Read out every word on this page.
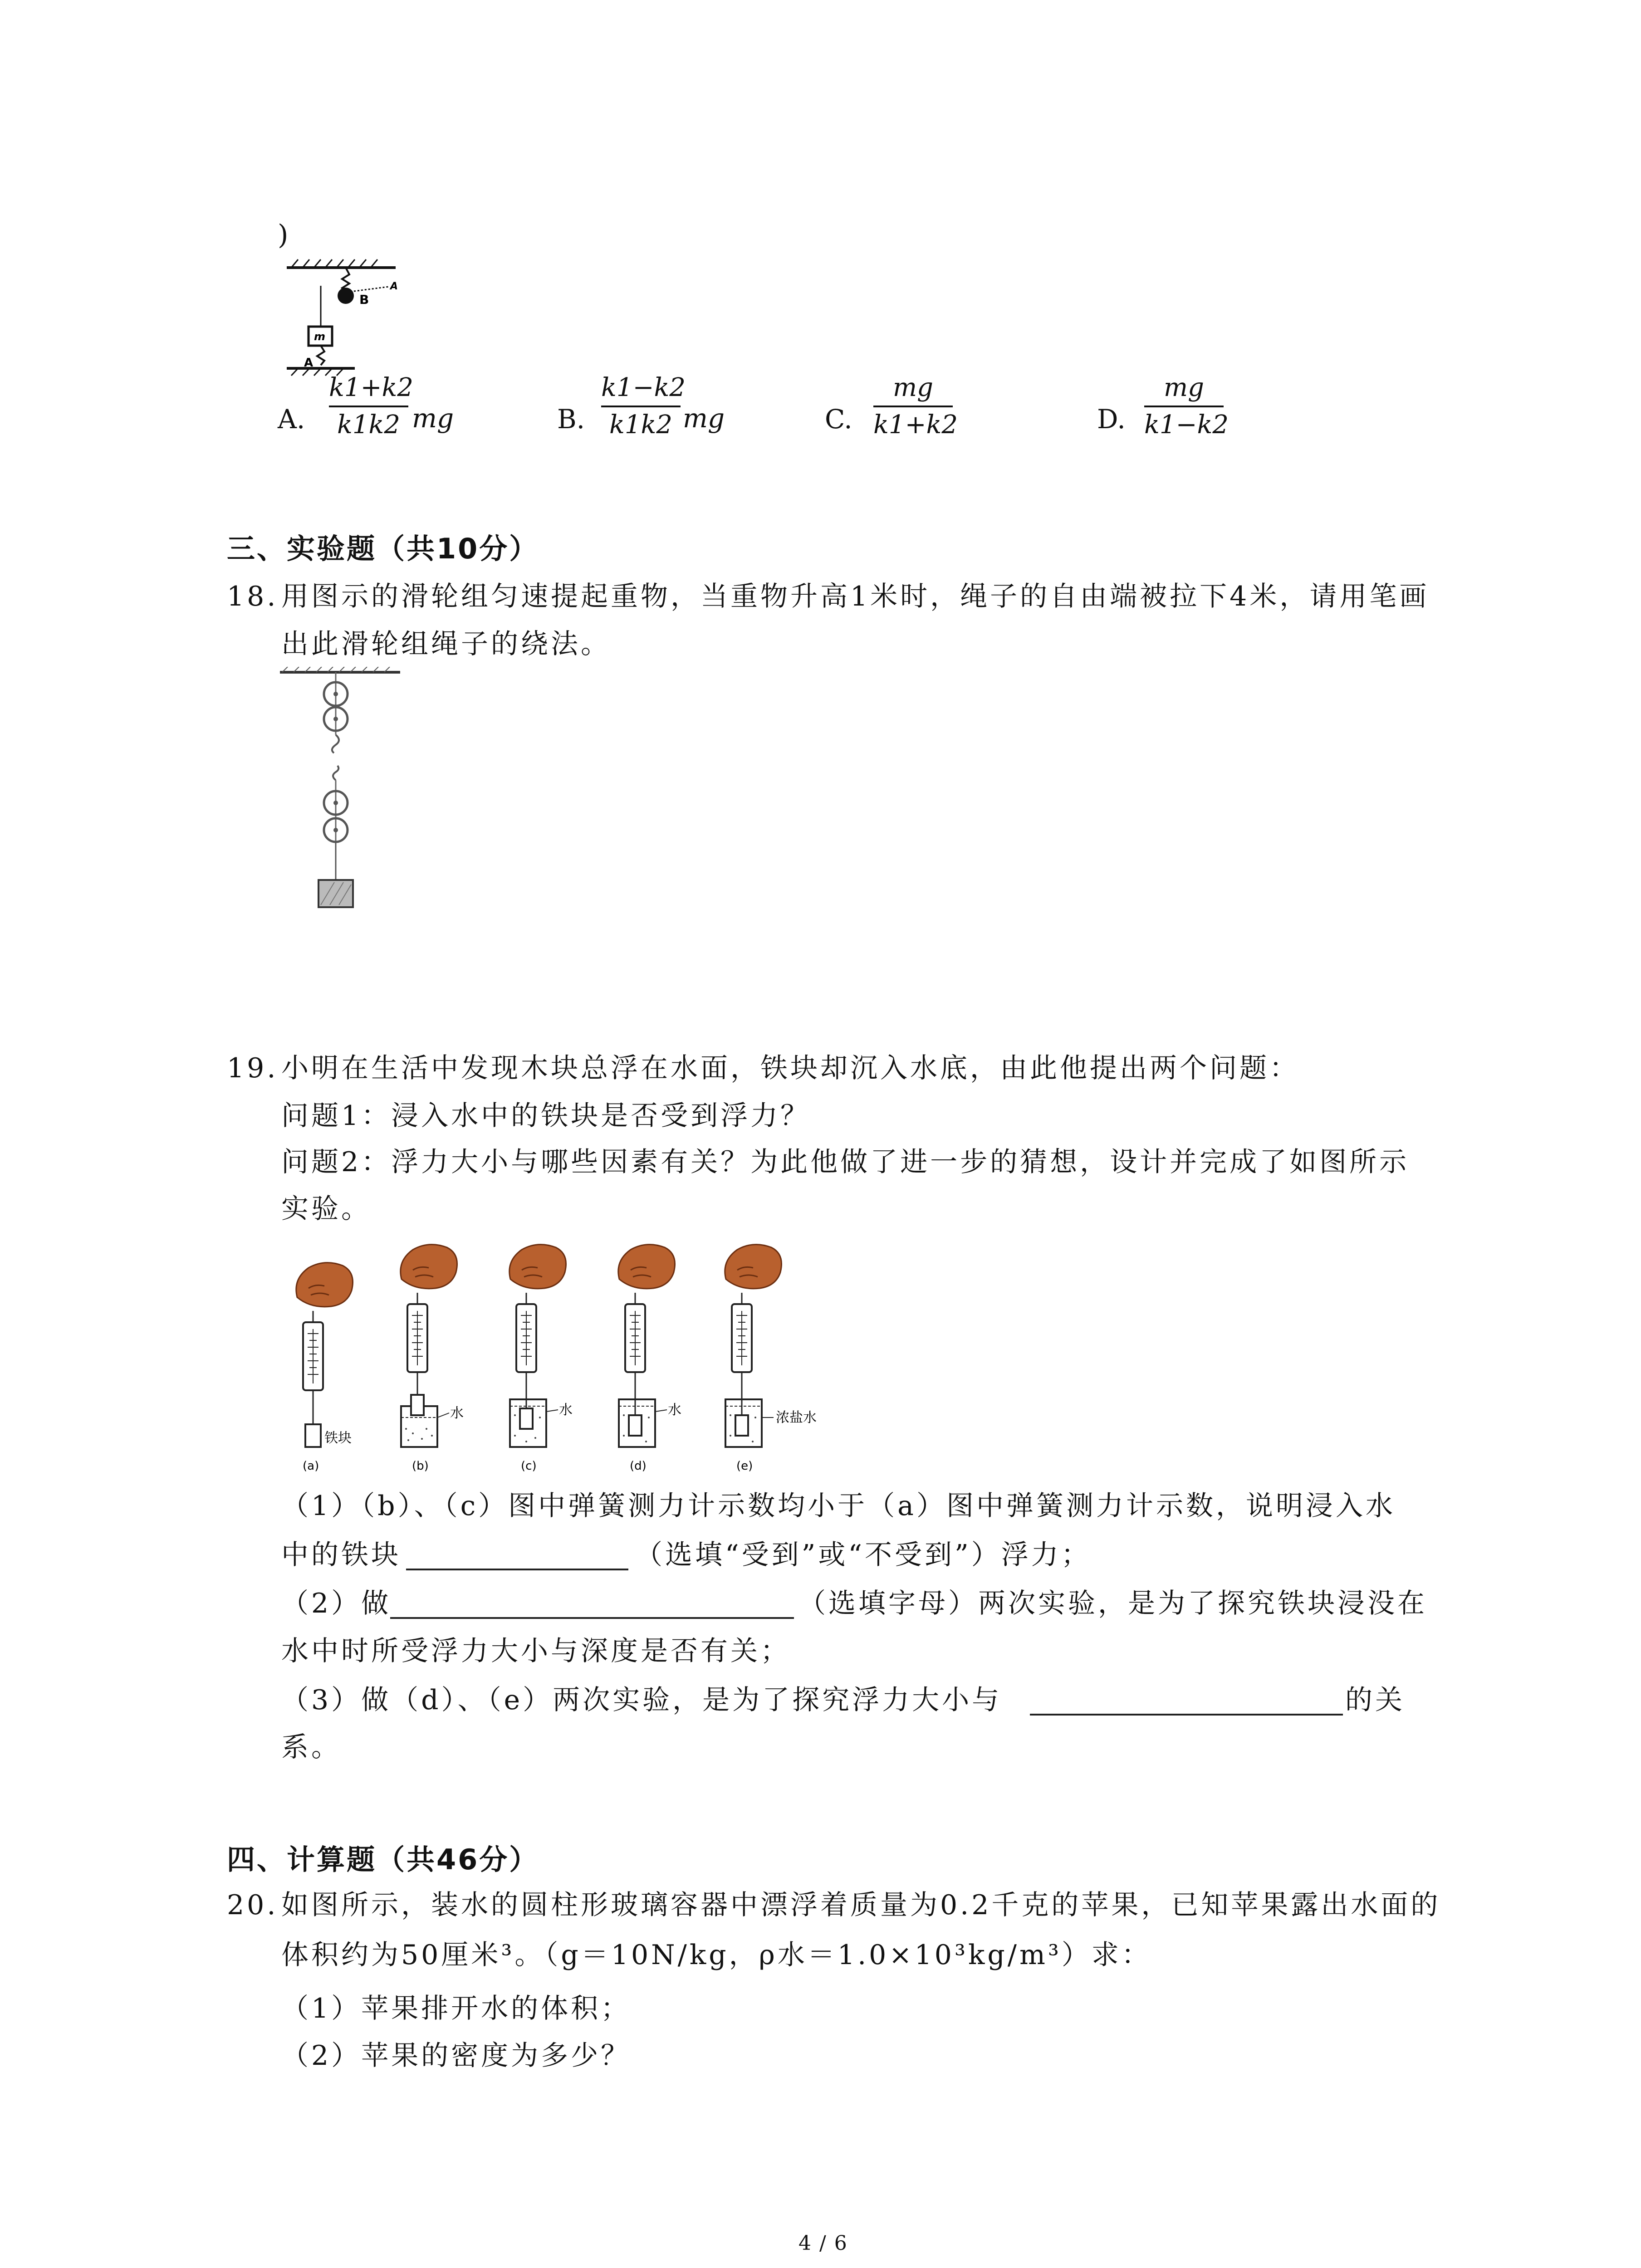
)
B
A
m
A
A.
k1+k2
k1k2 mg	B.
k1−k2
k1k2 mg	C.
mg
k1+k2	D.
mg
k1−k2
三、实验题（共10分）
18. 用图示的滑轮组匀速提起重物，当重物升高1米时，绳子的自由端被拉下4米，请用笔画
出此滑轮组绳子的绕法。
19. 小明在生活中发现木块总浮在水面，铁块却沉入水底，由此他提出两个问题：
问题1：浸入水中的铁块是否受到浮力？
问题2：浮力大小与哪些因素有关？为此他做了进一步的猜想，设计并完成了如图所示
实验。
铁块
(a)
水
(b)
水
(c)
水
(d)
浓盐水
(e)
（1）（b）、（c）图中弹簧测力计示数均小于（a）图中弹簧测力计示数，说明浸入水
中的铁块	（选填“受到”或“不受到”）浮力；
（2）做	（选填字母）两次实验，是为了探究铁块浸没在
水中时所受浮力大小与深度是否有关；
（3）做（d）、（e）两次实验，是为了探究浮力大小与	的关
系。
四、计算题（共46分）
20. 如图所示，装水的圆柱形玻璃容器中漂浮着质量为0.2千克的苹果，已知苹果露出水面的
体积约为50厘米³。（g＝10N/kg，ρ水＝1.0×10³kg/m³）求：
（1）苹果排开水的体积；
（2）苹果的密度为多少？
4 / 6
